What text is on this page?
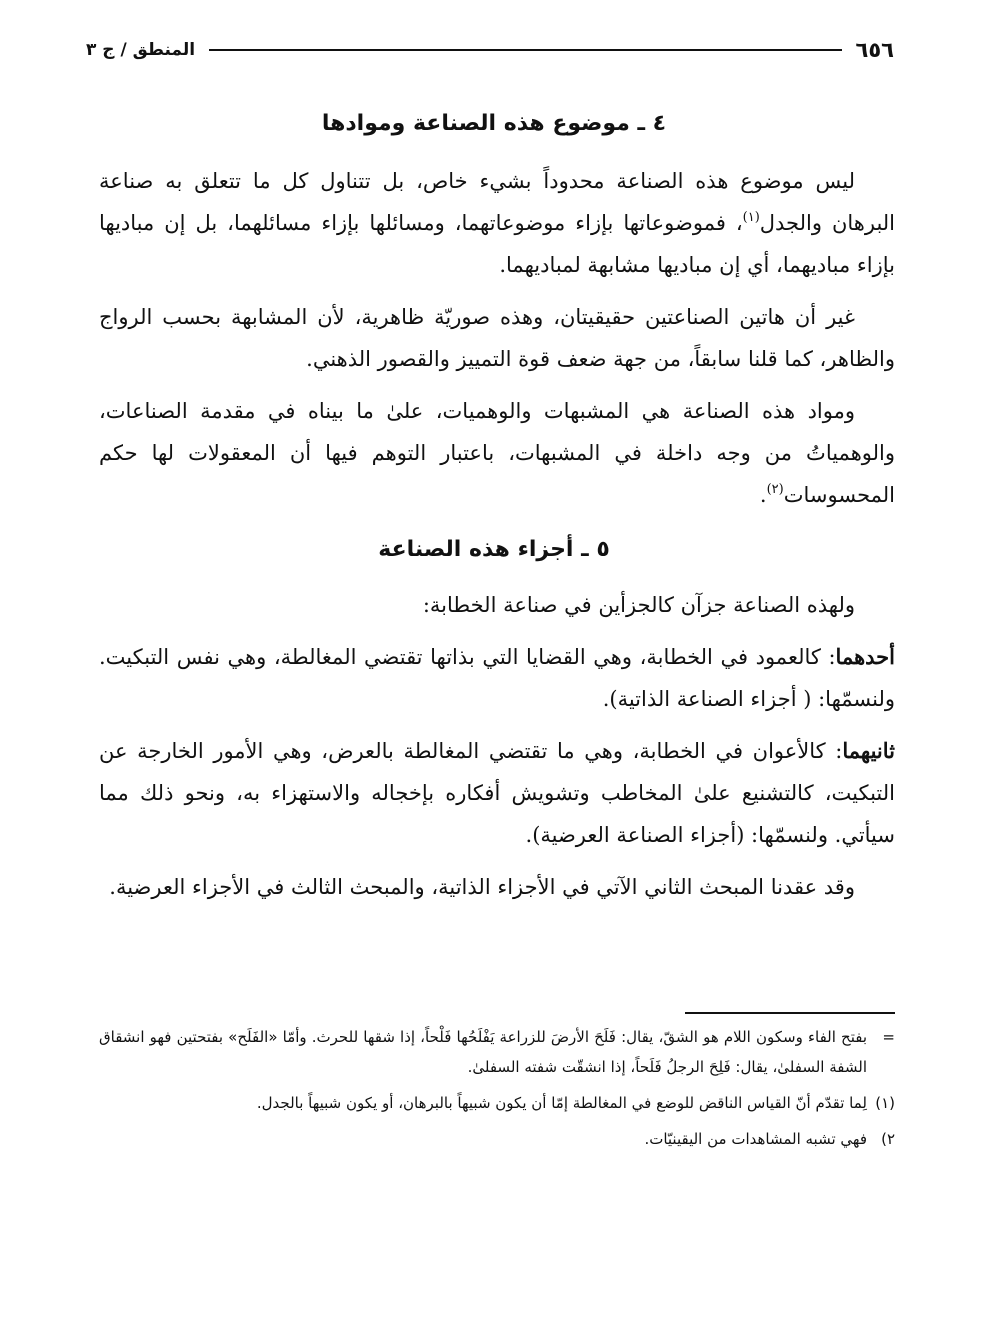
٦٥٦
المنطق / ج ٣
٤ ـ موضوع هذه الصناعة وموادها

ليس موضوع هذه الصناعة محدوداً بشيء خاص، بل تتناول كل ما تتعلق به صناعة البرهان والجدل$^{(١)}$، فموضوعاتها بإزاء موضوعاتهما، ومسائلها بإزاء مسائلهما، بل إن مباديها بإزاء مباديهما، أي إن مباديها مشابهة لمباديهما.

غير أن هاتين الصناعتين حقيقيتان، وهذه صوريّة ظاهرية، لأن المشابهة بحسب الرواج والظاهر، كما قلنا سابقاً، من جهة ضعف قوة التمييز والقصور الذهني.

ومواد هذه الصناعة هي المشبهات والوهميات، علىٰ ما بيناه في مقدمة الصناعات، والوهمياتُ من وجه داخلة في المشبهات، باعتبار التوهم فيها أن المعقولات لها حكم المحسوسات$^{(٢)}$.

٥ ـ أجزاء هذه الصناعة

ولهذه الصناعة جزآن كالجزأين في صناعة الخطابة:

أحدهما: كالعمود في الخطابة، وهي القضايا التي بذاتها تقتضي المغالطة، وهي نفس التبكيت. ولنسمّها: ( أجزاء الصناعة الذاتية).

ثانيهما: كالأعوان في الخطابة، وهي ما تقتضي المغالطة بالعرض، وهي الأمور الخارجة عن التبكيت، كالتشنيع علىٰ المخاطب وتشويش أفكاره بإخجاله والاستهزاء به، ونحو ذلك مما سيأتي. ولنسمّها: (أجزاء الصناعة العرضية).

وقد عقدنا المبحث الثاني الآتي في الأجزاء الذاتية، والمبحث الثالث في الأجزاء العرضية.

=
بفتح الفاء وسكون اللام هو الشقّ، يقال: فَلَحَ الأرضَ للزراعة يَفْلَحُها فَلْحاً، إذا شقها للحرث. وأمّا «الفَلَح» بفتحتين فهو انشقاق الشفة السفلىٰ، يقال: فَلِحَ الرجلُ فَلَحاً، إذا انشقّت شفته السفلىٰ.

(١)
لِما تقدّم أنّ القياس الناقض للوضع في المغالطة إمّا أن يكون شبيهاً بالبرهان، أو يكون شبيهاً بالجدل.

٢)
فهي تشبه المشاهدات من اليقينيّات.
